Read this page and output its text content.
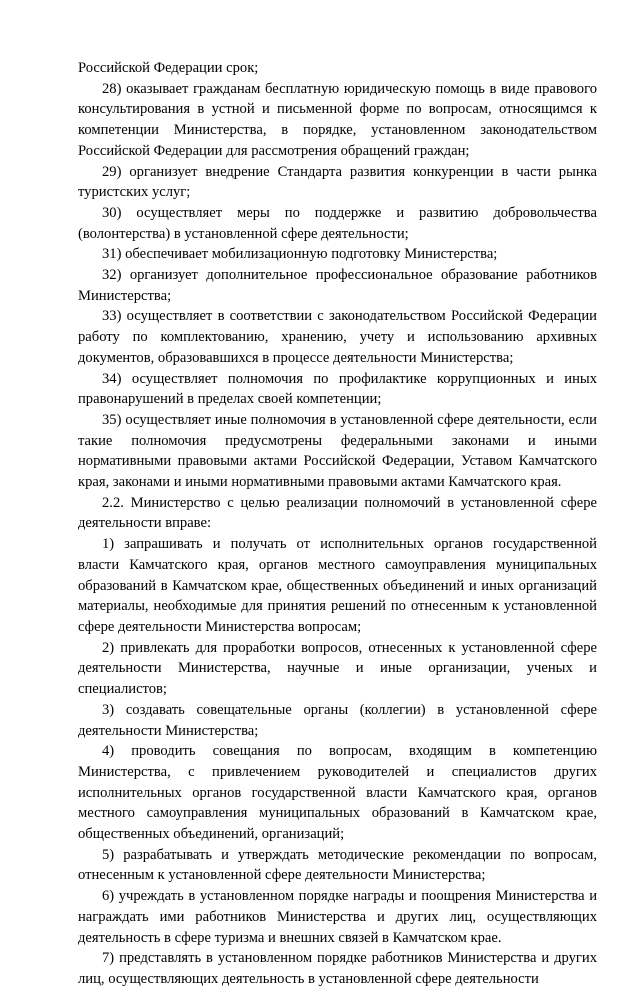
Российской Федерации срок;

28) оказывает гражданам бесплатную юридическую помощь в виде правового консультирования в устной и письменной форме по вопросам, относящимся к компетенции Министерства, в порядке, установленном законодательством Российской Федерации для рассмотрения обращений граждан;

29) организует внедрение Стандарта развития конкуренции в части рынка туристских услуг;

30) осуществляет меры по поддержке и развитию добровольчества (волонтерства) в установленной сфере деятельности;

31) обеспечивает мобилизационную подготовку Министерства;

32) организует дополнительное профессиональное образование работников Министерства;

33) осуществляет в соответствии с законодательством Российской Федерации работу по комплектованию, хранению, учету и использованию архивных документов, образовавшихся в процессе деятельности Министерства;

34) осуществляет полномочия по профилактике коррупционных и иных правонарушений в пределах своей компетенции;

35) осуществляет иные полномочия в установленной сфере деятельности, если такие полномочия предусмотрены федеральными законами и иными нормативными правовыми актами Российской Федерации, Уставом Камчатского края, законами и иными нормативными правовыми актами Камчатского края.

2.2. Министерство с целью реализации полномочий в установленной сфере деятельности вправе:

1) запрашивать и получать от исполнительных органов государственной власти Камчатского края, органов местного самоуправления муниципальных образований в Камчатском крае, общественных объединений и иных организаций материалы, необходимые для принятия решений по отнесенным к установленной сфере деятельности Министерства вопросам;

2) привлекать для проработки вопросов, отнесенных к установленной сфере деятельности Министерства, научные и иные организации, ученых и специалистов;

3) создавать совещательные органы (коллегии) в установленной сфере деятельности Министерства;

4) проводить совещания по вопросам, входящим в компетенцию Министерства, с привлечением руководителей и специалистов других исполнительных органов государственной власти Камчатского края, органов местного самоуправления муниципальных образований в Камчатском крае, общественных объединений, организаций;

5) разрабатывать и утверждать методические рекомендации по вопросам, отнесенным к установленной сфере деятельности Министерства;

6) учреждать в установленном порядке награды и поощрения Министерства и награждать ими работников Министерства и других лиц, осуществляющих деятельность в сфере туризма и внешних связей в Камчатском крае.

7) представлять в установленном порядке работников Министерства и других лиц, осуществляющих деятельность в установленной сфере деятельности
